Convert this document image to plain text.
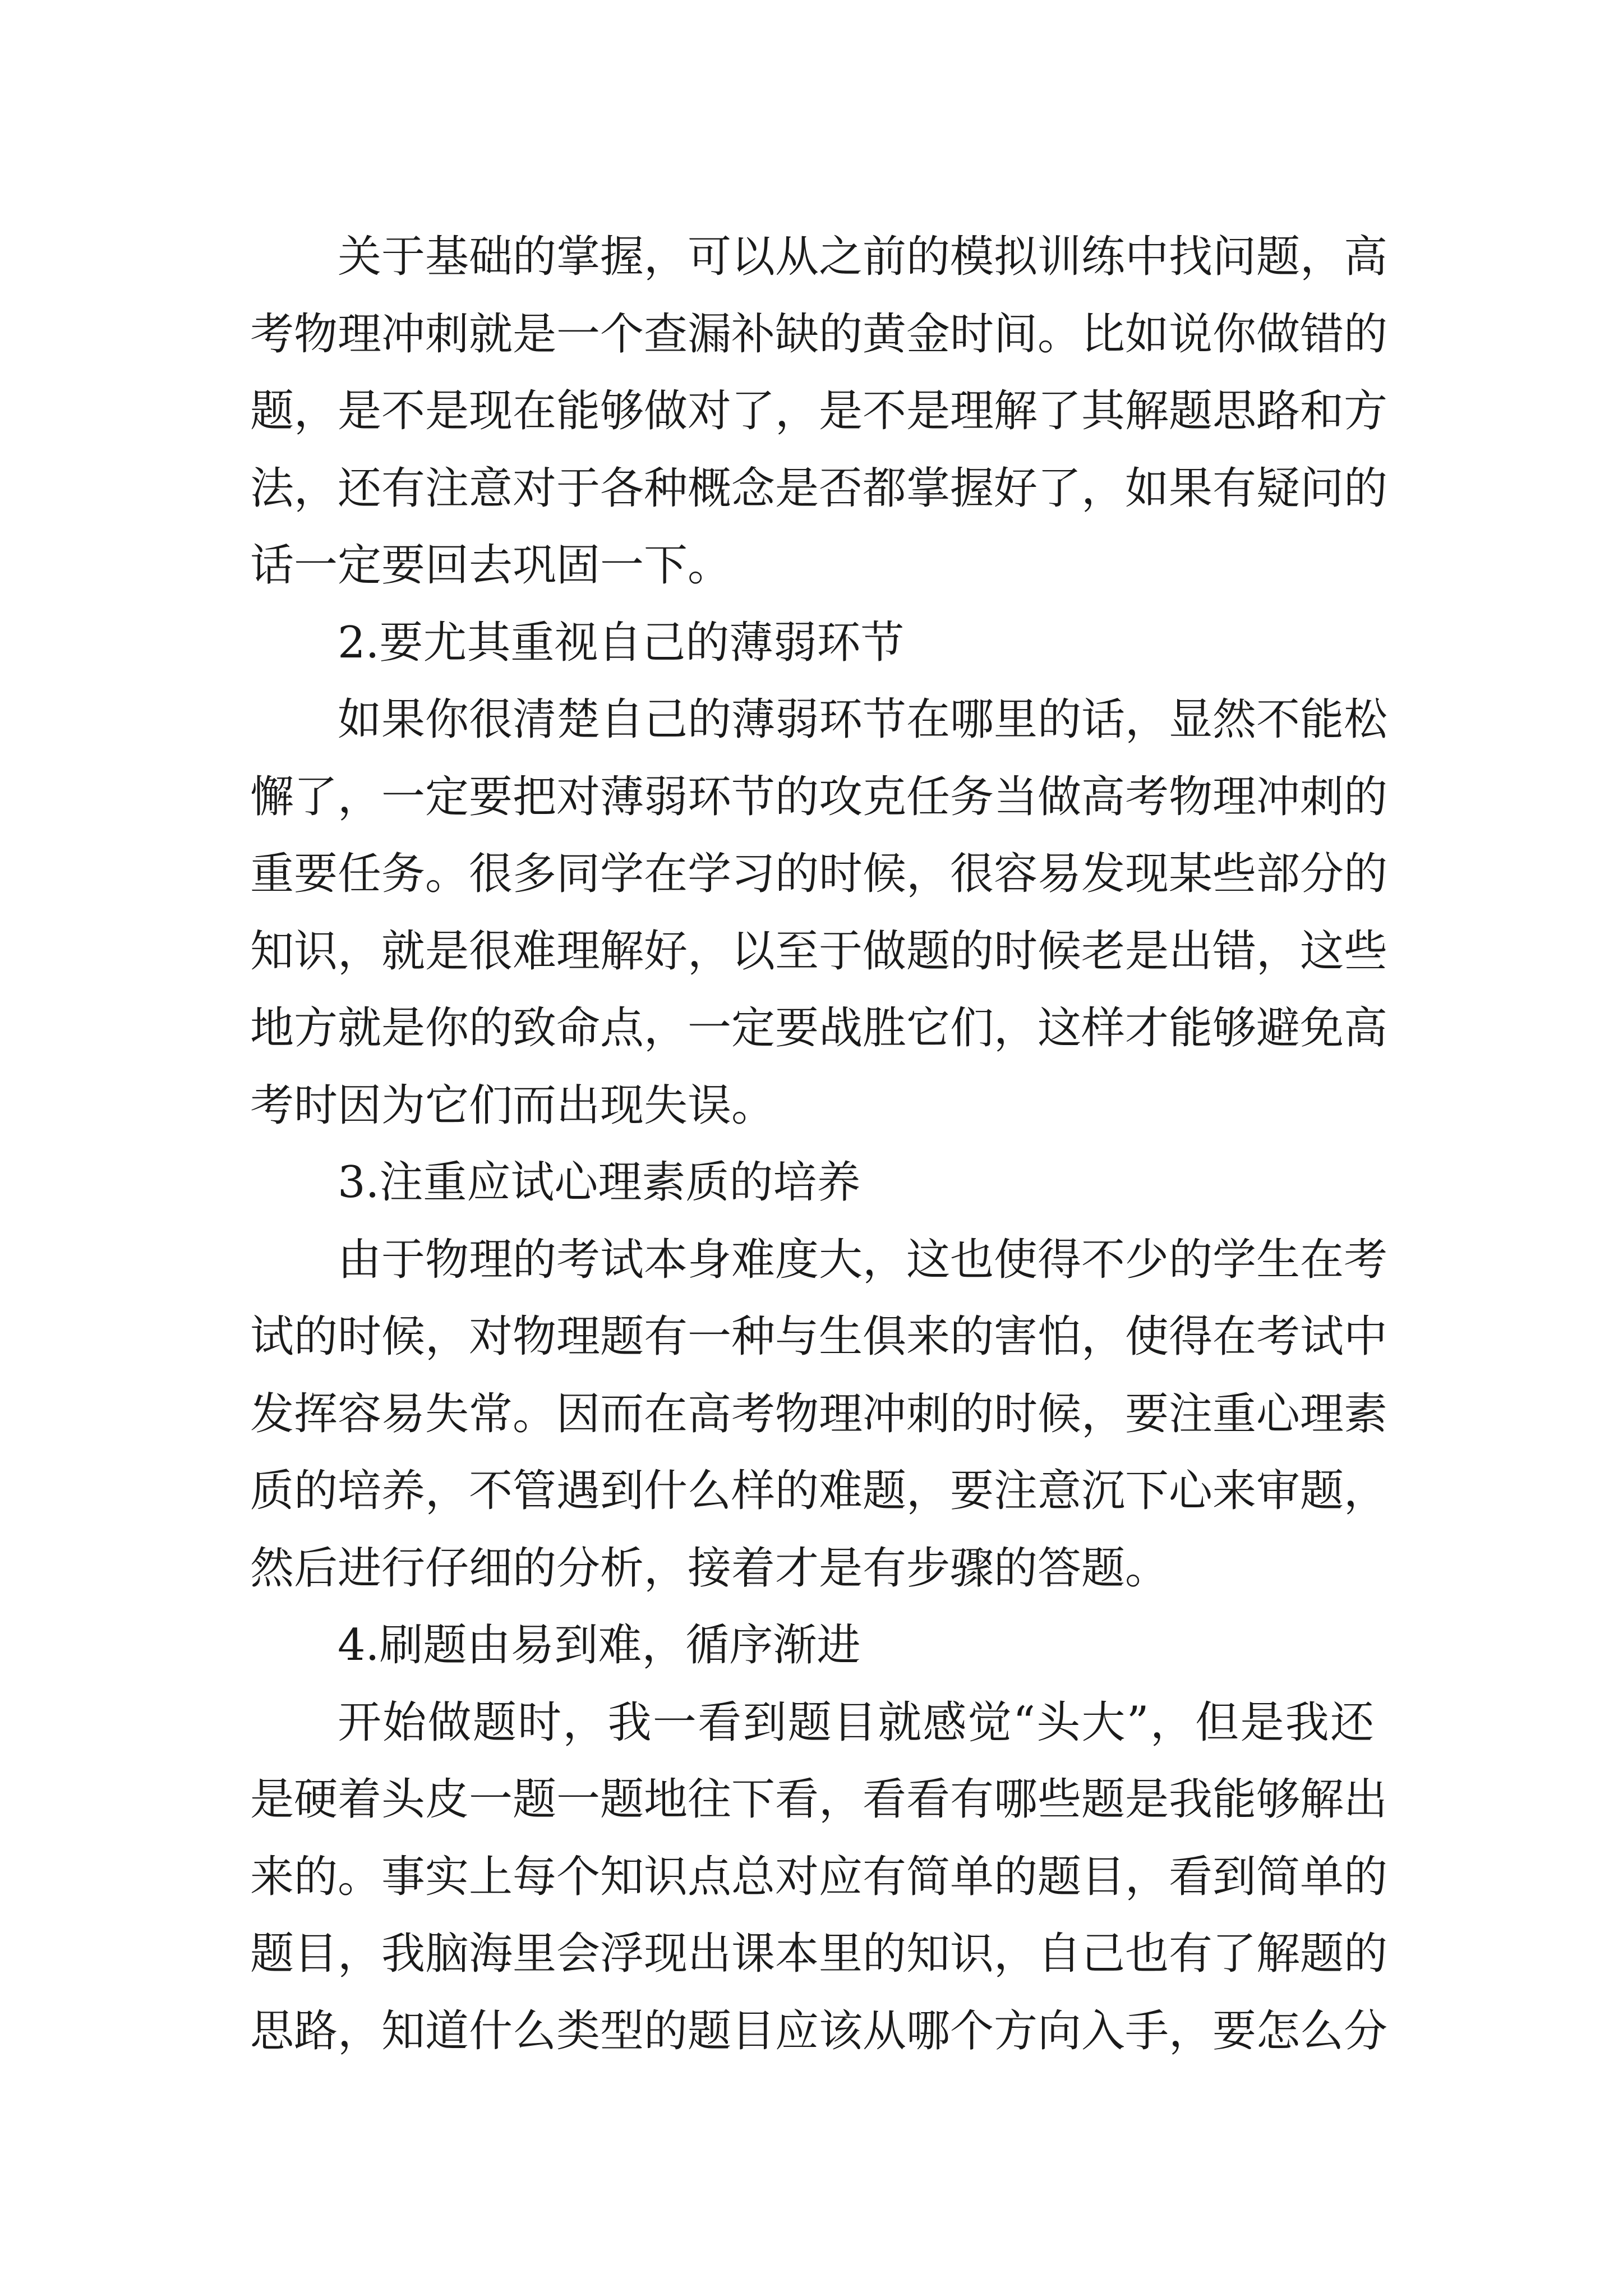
关于基础的掌握，可以从之前的模拟训练中找问题，高
考物理冲刺就是一个查漏补缺的黄金时间。比如说你做错的
题，是不是现在能够做对了，是不是理解了其解题思路和方
法，还有注意对于各种概念是否都掌握好了，如果有疑问的
话一定要回去巩固一下。
2.要尤其重视自己的薄弱环节
如果你很清楚自己的薄弱环节在哪里的话，显然不能松
懈了，一定要把对薄弱环节的攻克任务当做高考物理冲刺的
重要任务。很多同学在学习的时候，很容易发现某些部分的
知识，就是很难理解好，以至于做题的时候老是出错，这些
地方就是你的致命点，一定要战胜它们，这样才能够避免高
考时因为它们而出现失误。
3.注重应试心理素质的培养
由于物理的考试本身难度大，这也使得不少的学生在考
试的时候，对物理题有一种与生俱来的害怕，使得在考试中
发挥容易失常。因而在高考物理冲刺的时候，要注重心理素
质的培养，不管遇到什么样的难题，要注意沉下心来审题，
然后进行仔细的分析，接着才是有步骤的答题。
4.刷题由易到难，循序渐进
开始做题时，我一看到题目就感觉“头大”，但是我还
是硬着头皮一题一题地往下看，看看有哪些题是我能够解出
来的。事实上每个知识点总对应有简单的题目，看到简单的
题目，我脑海里会浮现出课本里的知识，自己也有了解题的
思路，知道什么类型的题目应该从哪个方向入手，要怎么分
